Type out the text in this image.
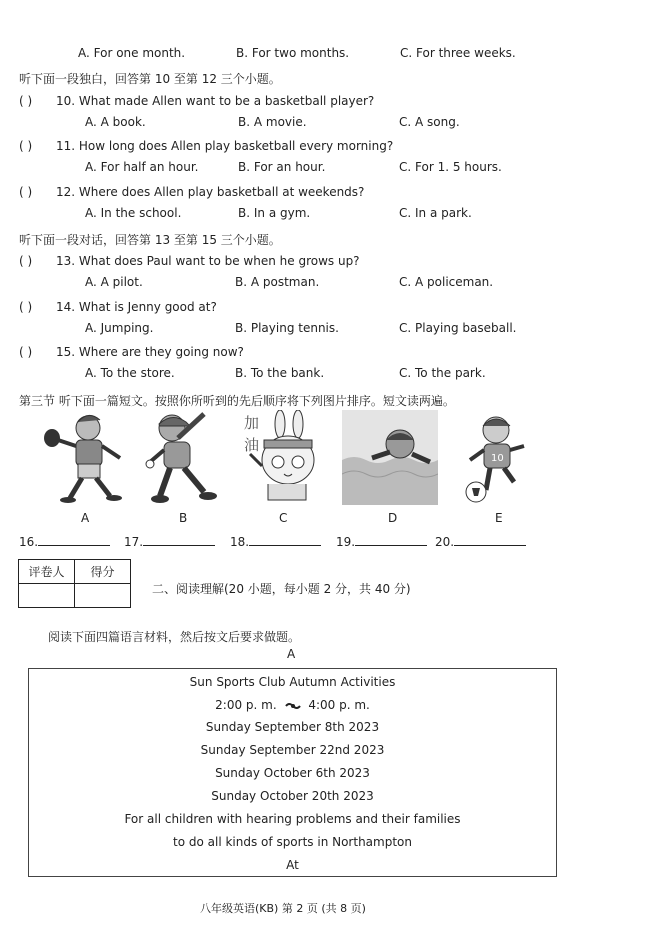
A. For one month.	B. For two months.	C. For three weeks.
听下面一段独白，回答第 10 至第 12 三个小题。
( ) 10. What made Allen want to be a basketball player?
A. A book.	B. A movie.	C. A song.
( ) 11. How long does Allen play basketball every morning?
A. For half an hour.	B. For an hour.	C. For 1. 5 hours.
( ) 12. Where does Allen play basketball at weekends?
A. In the school.	B. In a gym.	C. In a park.
听下面一段对话，回答第 13 至第 15 三个小题。
( ) 13. What does Paul want to be when he grows up?
A. A pilot.	B. A postman.	C. A policeman.
( ) 14. What is Jenny good at?
A. Jumping.	B. Playing tennis.	C. Playing baseball.
( ) 15. Where are they going now?
A. To the store.	B. To the bank.	C. To the park.
第三节 听下面一篇短文。按照你所听到的先后顺序将下列图片排序。短文读两遍。
加
油
10
A	B	C	D	E
16.	17.	18.	19.	20.
评卷人	得分

二、阅读理解(20 小题，每小题 2 分，共 40 分)
阅读下面四篇语言材料，然后按文后要求做题。
A
Sun Sports Club Autumn Activities
2:00 p. m.	4:00 p. m.
Sunday September 8th 2023
Sunday September 22nd 2023
Sunday October 6th 2023
Sunday October 20th 2023
For all children with hearing problems and their families
to do all kinds of sports in Northampton
At
八年级英语(KB) 第 2 页 (共 8 页)
